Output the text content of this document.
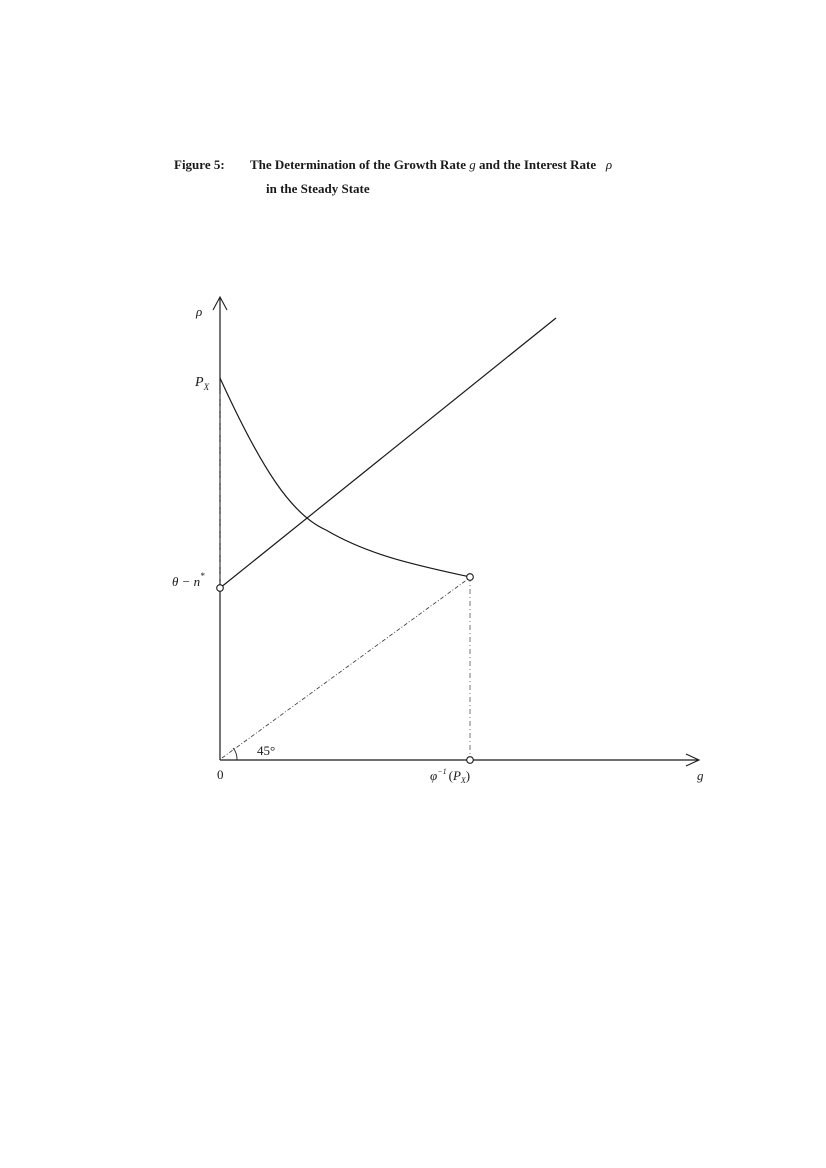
Figure 5: The Determination of the Growth Rate g and the Interest Rate ρ
in the Steady State
ρ
g
0
45°
$P_X$
θ − n*
$\varphi^{-1}$ $(P_X)$
